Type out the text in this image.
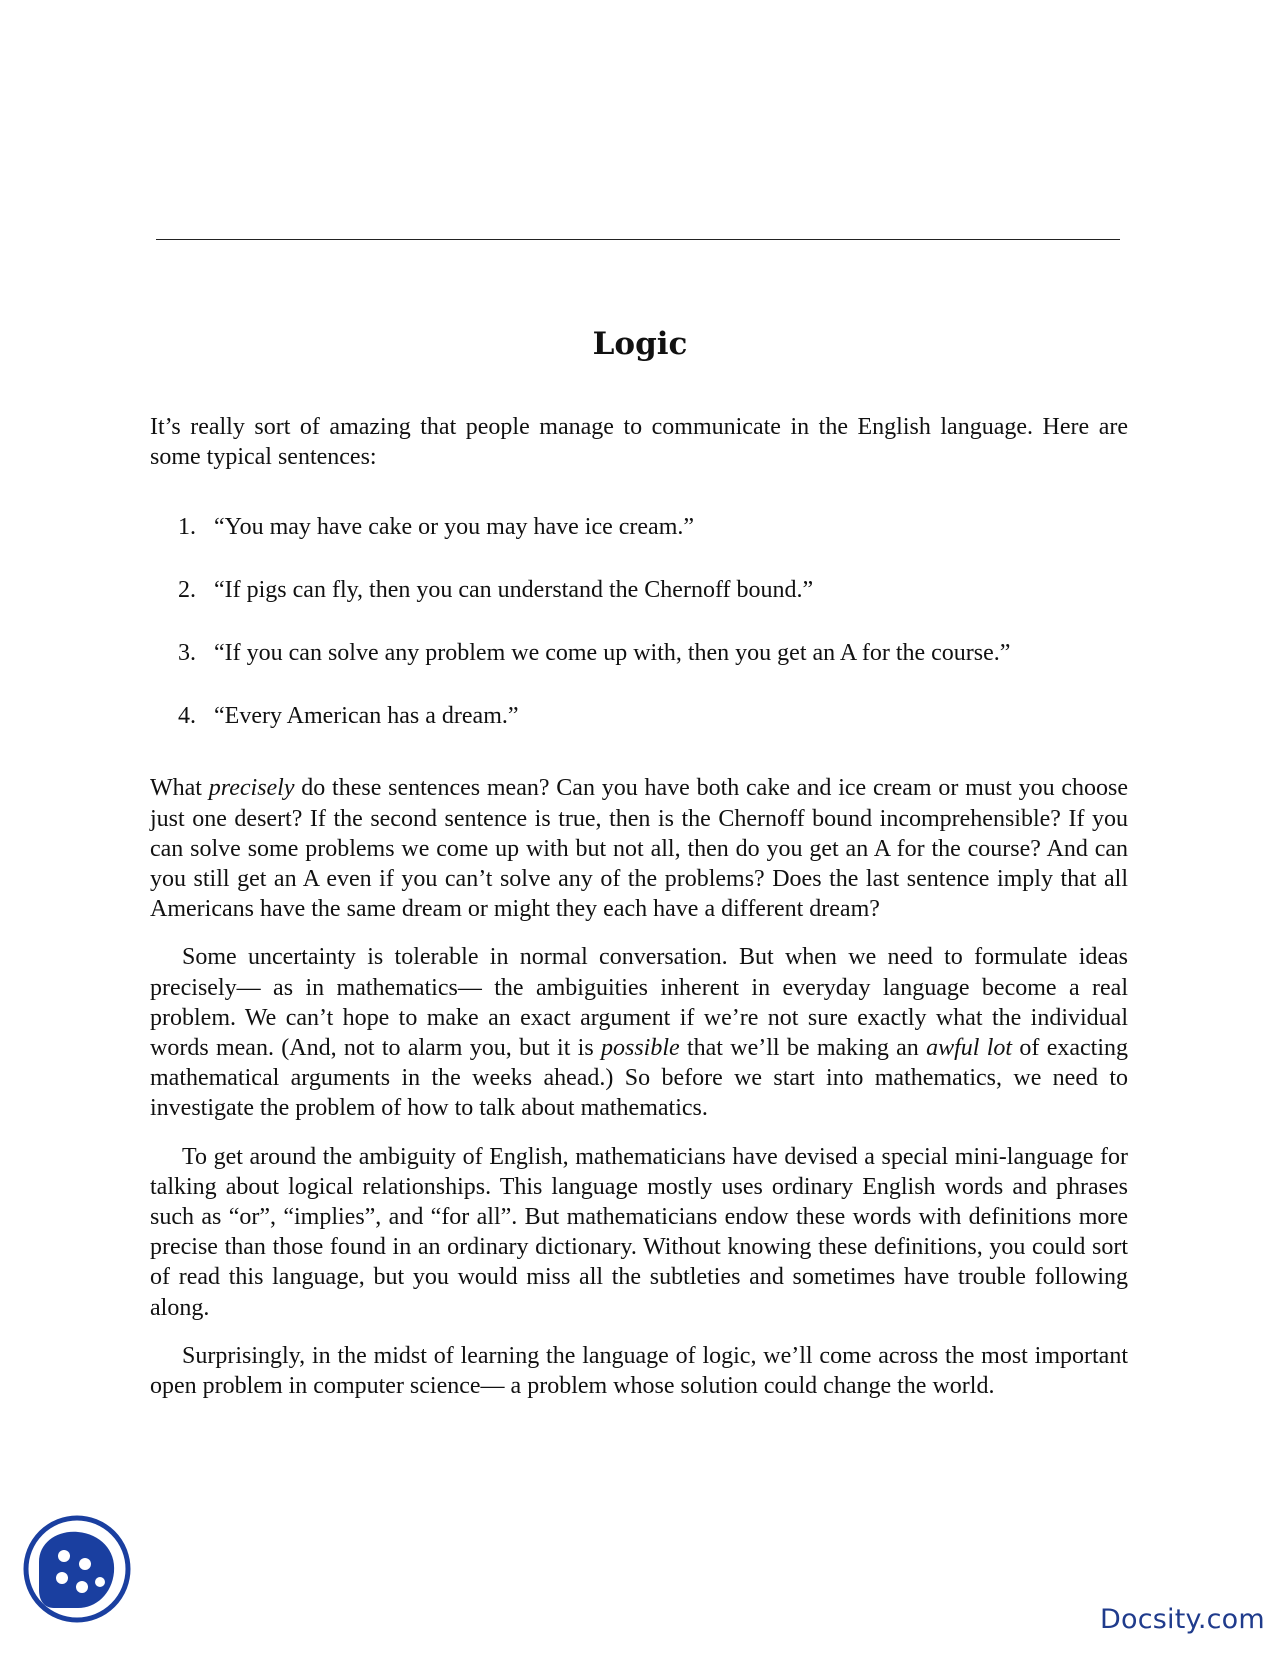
Logic

It’s really sort of amazing that people manage to communicate in the English language. Here are some typical sentences:

1. “You may have cake or you may have ice cream.”
2. “If pigs can fly, then you can understand the Chernoff bound.”
3. “If you can solve any problem we come up with, then you get an A for the course.”
4. “Every American has a dream.”

What precisely do these sentences mean? Can you have both cake and ice cream or must you choose just one desert? If the second sentence is true, then is the Chernoff bound incomprehensible? If you can solve some problems we come up with but not all, then do you get an A for the course? And can you still get an A even if you can’t solve any of the problems? Does the last sentence imply that all Americans have the same dream or might they each have a different dream?

Some uncertainty is tolerable in normal conversation. But when we need to formulate ideas precisely— as in mathematics— the ambiguities inherent in everyday language become a real problem. We can’t hope to make an exact argument if we’re not sure exactly what the individual words mean. (And, not to alarm you, but it is possible that we’ll be making an awful lot of exacting mathematical arguments in the weeks ahead.) So before we start into mathematics, we need to investigate the problem of how to talk about mathematics.

To get around the ambiguity of English, mathematicians have devised a special mini-language for talking about logical relationships. This language mostly uses ordinary English words and phrases such as “or”, “implies”, and “for all”. But mathematicians endow these words with definitions more precise than those found in an ordinary dictionary. Without knowing these definitions, you could sort of read this language, but you would miss all the subtleties and sometimes have trouble following along.

Surprisingly, in the midst of learning the language of logic, we’ll come across the most important open problem in computer science— a problem whose solution could change the world.

Docsity.com
